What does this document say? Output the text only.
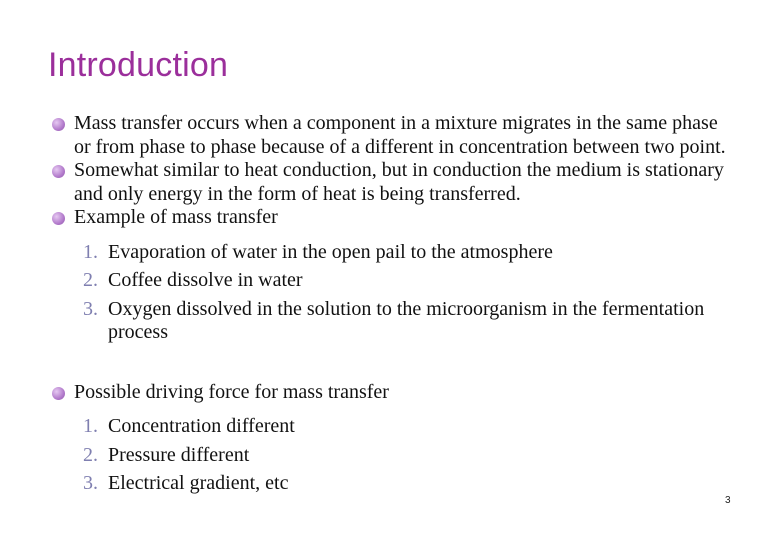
Introduction
Mass transfer occurs when a component in a mixture migrates in the same phase or from phase to phase because of a different in concentration between two point.
Somewhat similar to heat conduction, but in conduction the medium is stationary and only energy in the form of heat is being transferred.
Example of mass transfer
1. Evaporation of water in the open pail to the atmosphere
2. Coffee dissolve in water
3. Oxygen dissolved in the solution to the microorganism in the fermentation process
Possible driving force for mass transfer
1. Concentration different
2. Pressure different
3. Electrical gradient, etc
3
